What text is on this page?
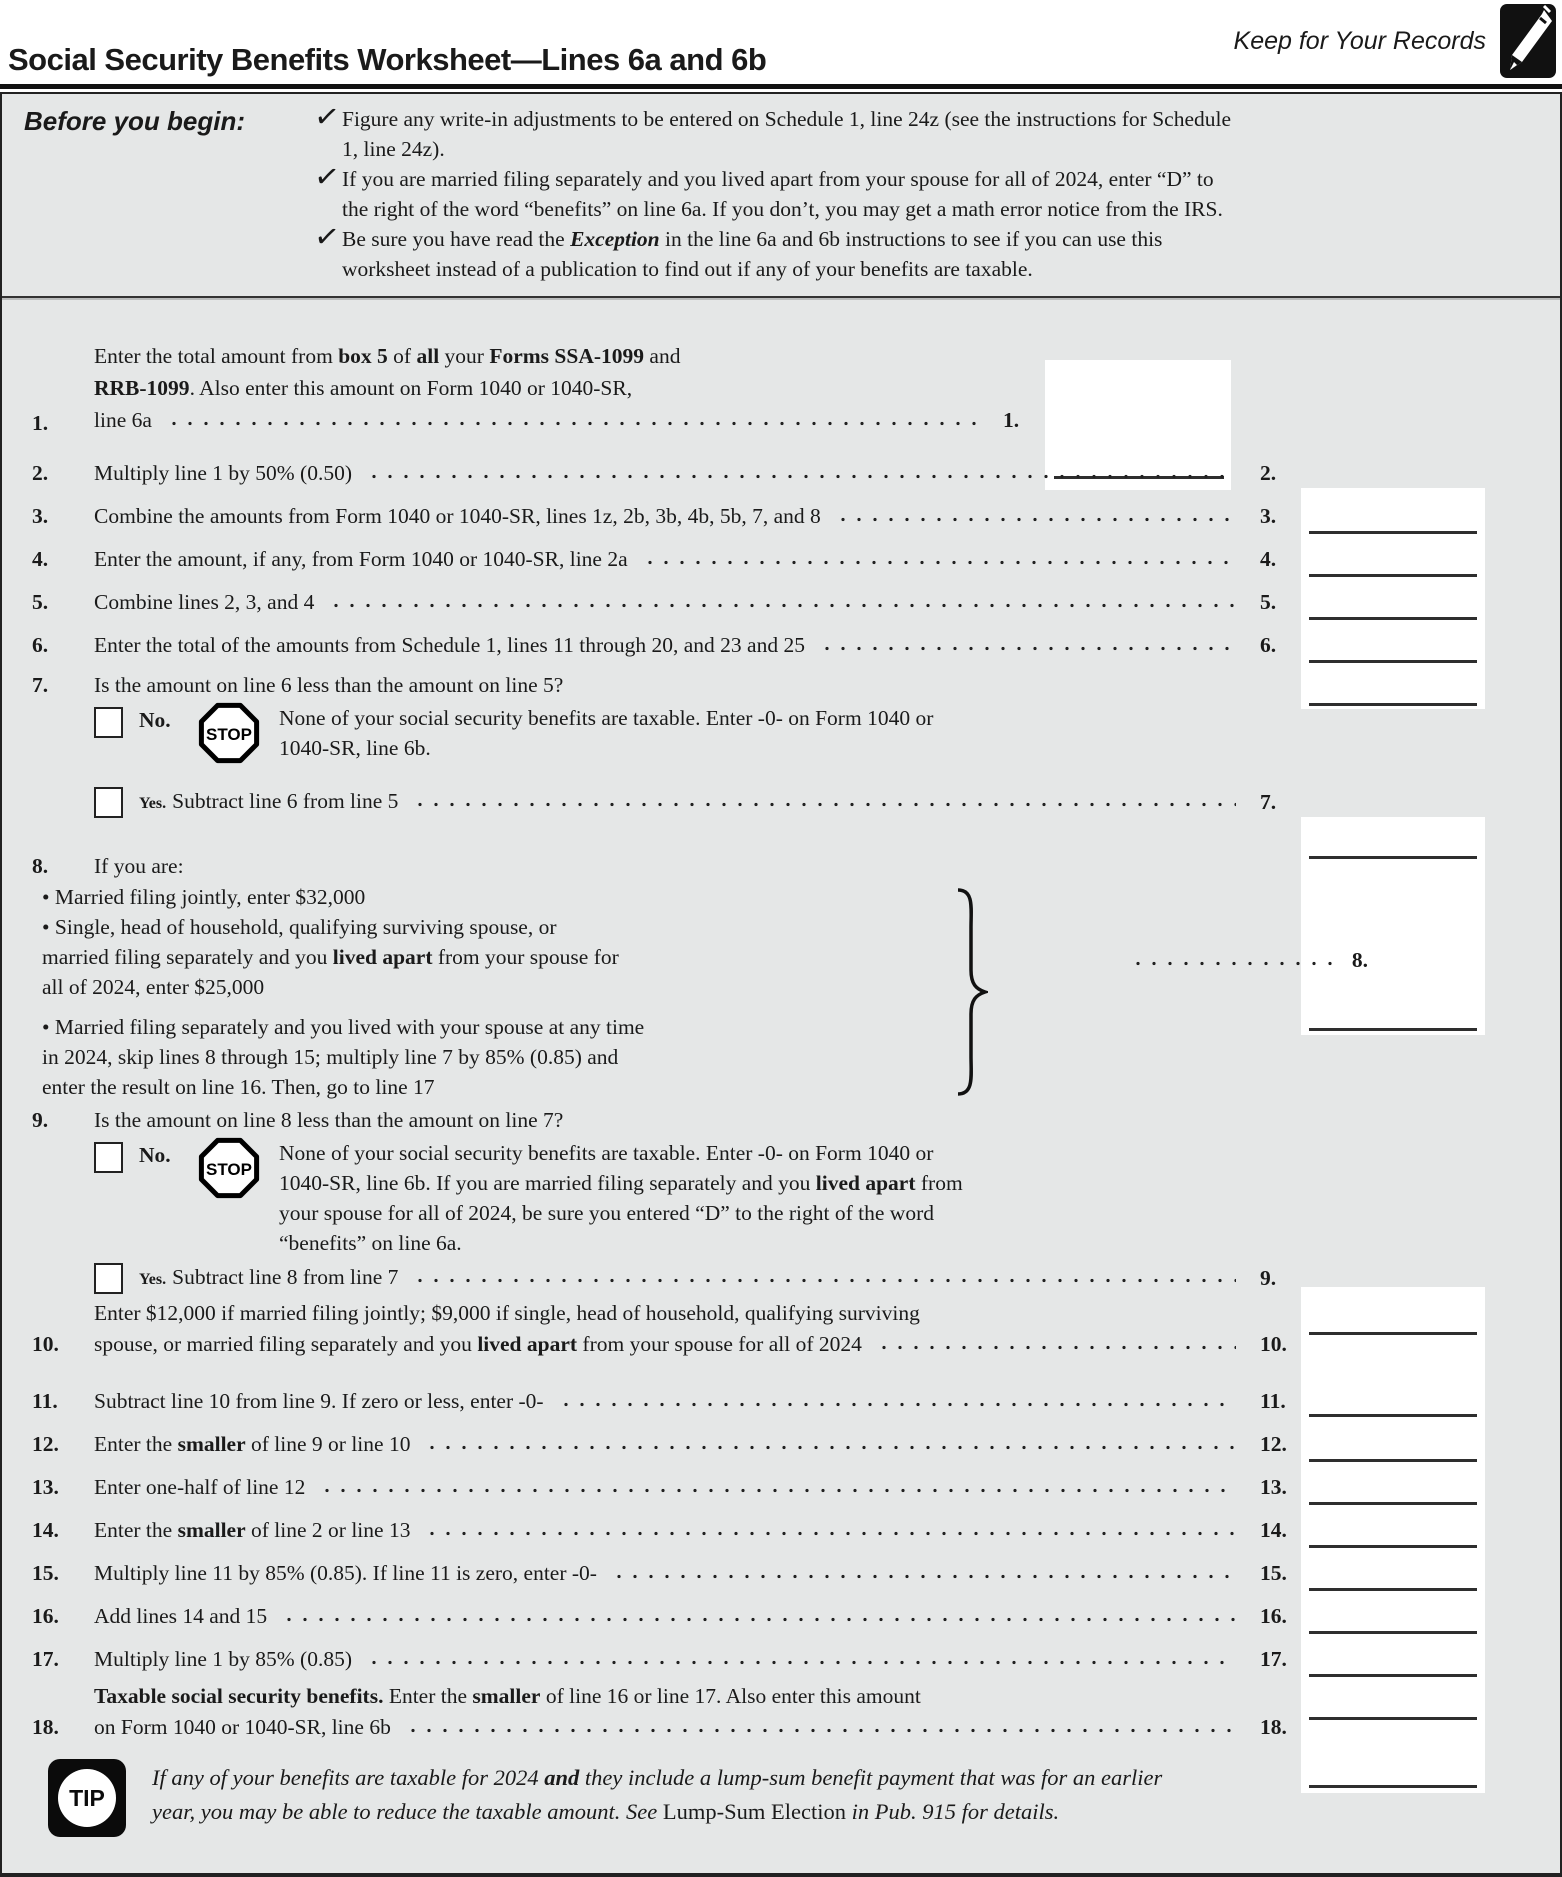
Social Security Benefits Worksheet—Lines 6a and 6b
Keep for Your Records
Before you begin:	✓ Figure any write-in adjustments to be entered on Schedule 1, line 24z (see the instructions for Schedule
1, line 24z).
✓ If you are married filing separately and you lived apart from your spouse for all of 2024, enter “D” to
the right of the word “benefits” on line 6a. If you don’t, you may get a math error notice from the IRS.
✓ Be sure you have read the Exception in the line 6a and 6b instructions to see if you can use this
worksheet instead of a publication to find out if any of your benefits are taxable.
1.
Enter the total amount from box 5 of all your Forms SSA-1099 and
RRB-1099. Also enter this amount on Form 1040 or 1040-SR,
line 6a	1.
2.	Multiply line 1 by 50% (0.50)	2.
3.	Combine the amounts from Form 1040 or 1040-SR, lines 1z, 2b, 3b, 4b, 5b, 7, and 8	3.
4.	Enter the amount, if any, from Form 1040 or 1040-SR, line 2a	4.
5.	Combine lines 2, 3, and 4	5.
6.	Enter the total of the amounts from Schedule 1, lines 11 through 20, and 23 and 25	6.
7.	Is the amount on line 6 less than the amount on line 5?
No.
STOP
None of your social security benefits are taxable. Enter -0- on Form 1040 or
1040-SR, line 6b.
Yes. Subtract line 6 from line 5	7.
8.	If you are:
• Married filing jointly, enter $32,000
• Single, head of household, qualifying surviving spouse, or
married filing separately and you lived apart from your spouse for
all of 2024, enter $25,000
• Married filing separately and you lived with your spouse at any time
in 2024, skip lines 8 through 15; multiply line 7 by 85% (0.85) and
enter the result on line 16. Then, go to line 17
8.
9.	Is the amount on line 8 less than the amount on line 7?
No.
STOP
None of your social security benefits are taxable. Enter -0- on Form 1040 or
1040-SR, line 6b. If you are married filing separately and you lived apart from
your spouse for all of 2024, be sure you entered “D” to the right of the word
“benefits” on line 6a.
Yes. Subtract line 8 from line 7	9.
10.
Enter $12,000 if married filing jointly; $9,000 if single, head of household, qualifying surviving
spouse, or married filing separately and you lived apart from your spouse for all of 2024	10.
11.	Subtract line 10 from line 9. If zero or less, enter -0-	11.
12.	Enter the smaller of line 9 or line 10	12.
13.	Enter one-half of line 12	13.
14.	Enter the smaller of line 2 or line 13	14.
15.	Multiply line 11 by 85% (0.85). If line 11 is zero, enter -0-	15.
16.	Add lines 14 and 15	16.
17.	Multiply line 1 by 85% (0.85)	17.
18.
Taxable social security benefits. Enter the smaller of line 16 or line 17. Also enter this amount
on Form 1040 or 1040-SR, line 6b	18.
TIP
If any of your benefits are taxable for 2024 and they include a lump-sum benefit payment that was for an earlier
year, you may be able to reduce the taxable amount. See Lump-Sum Election in Pub. 915 for details.
